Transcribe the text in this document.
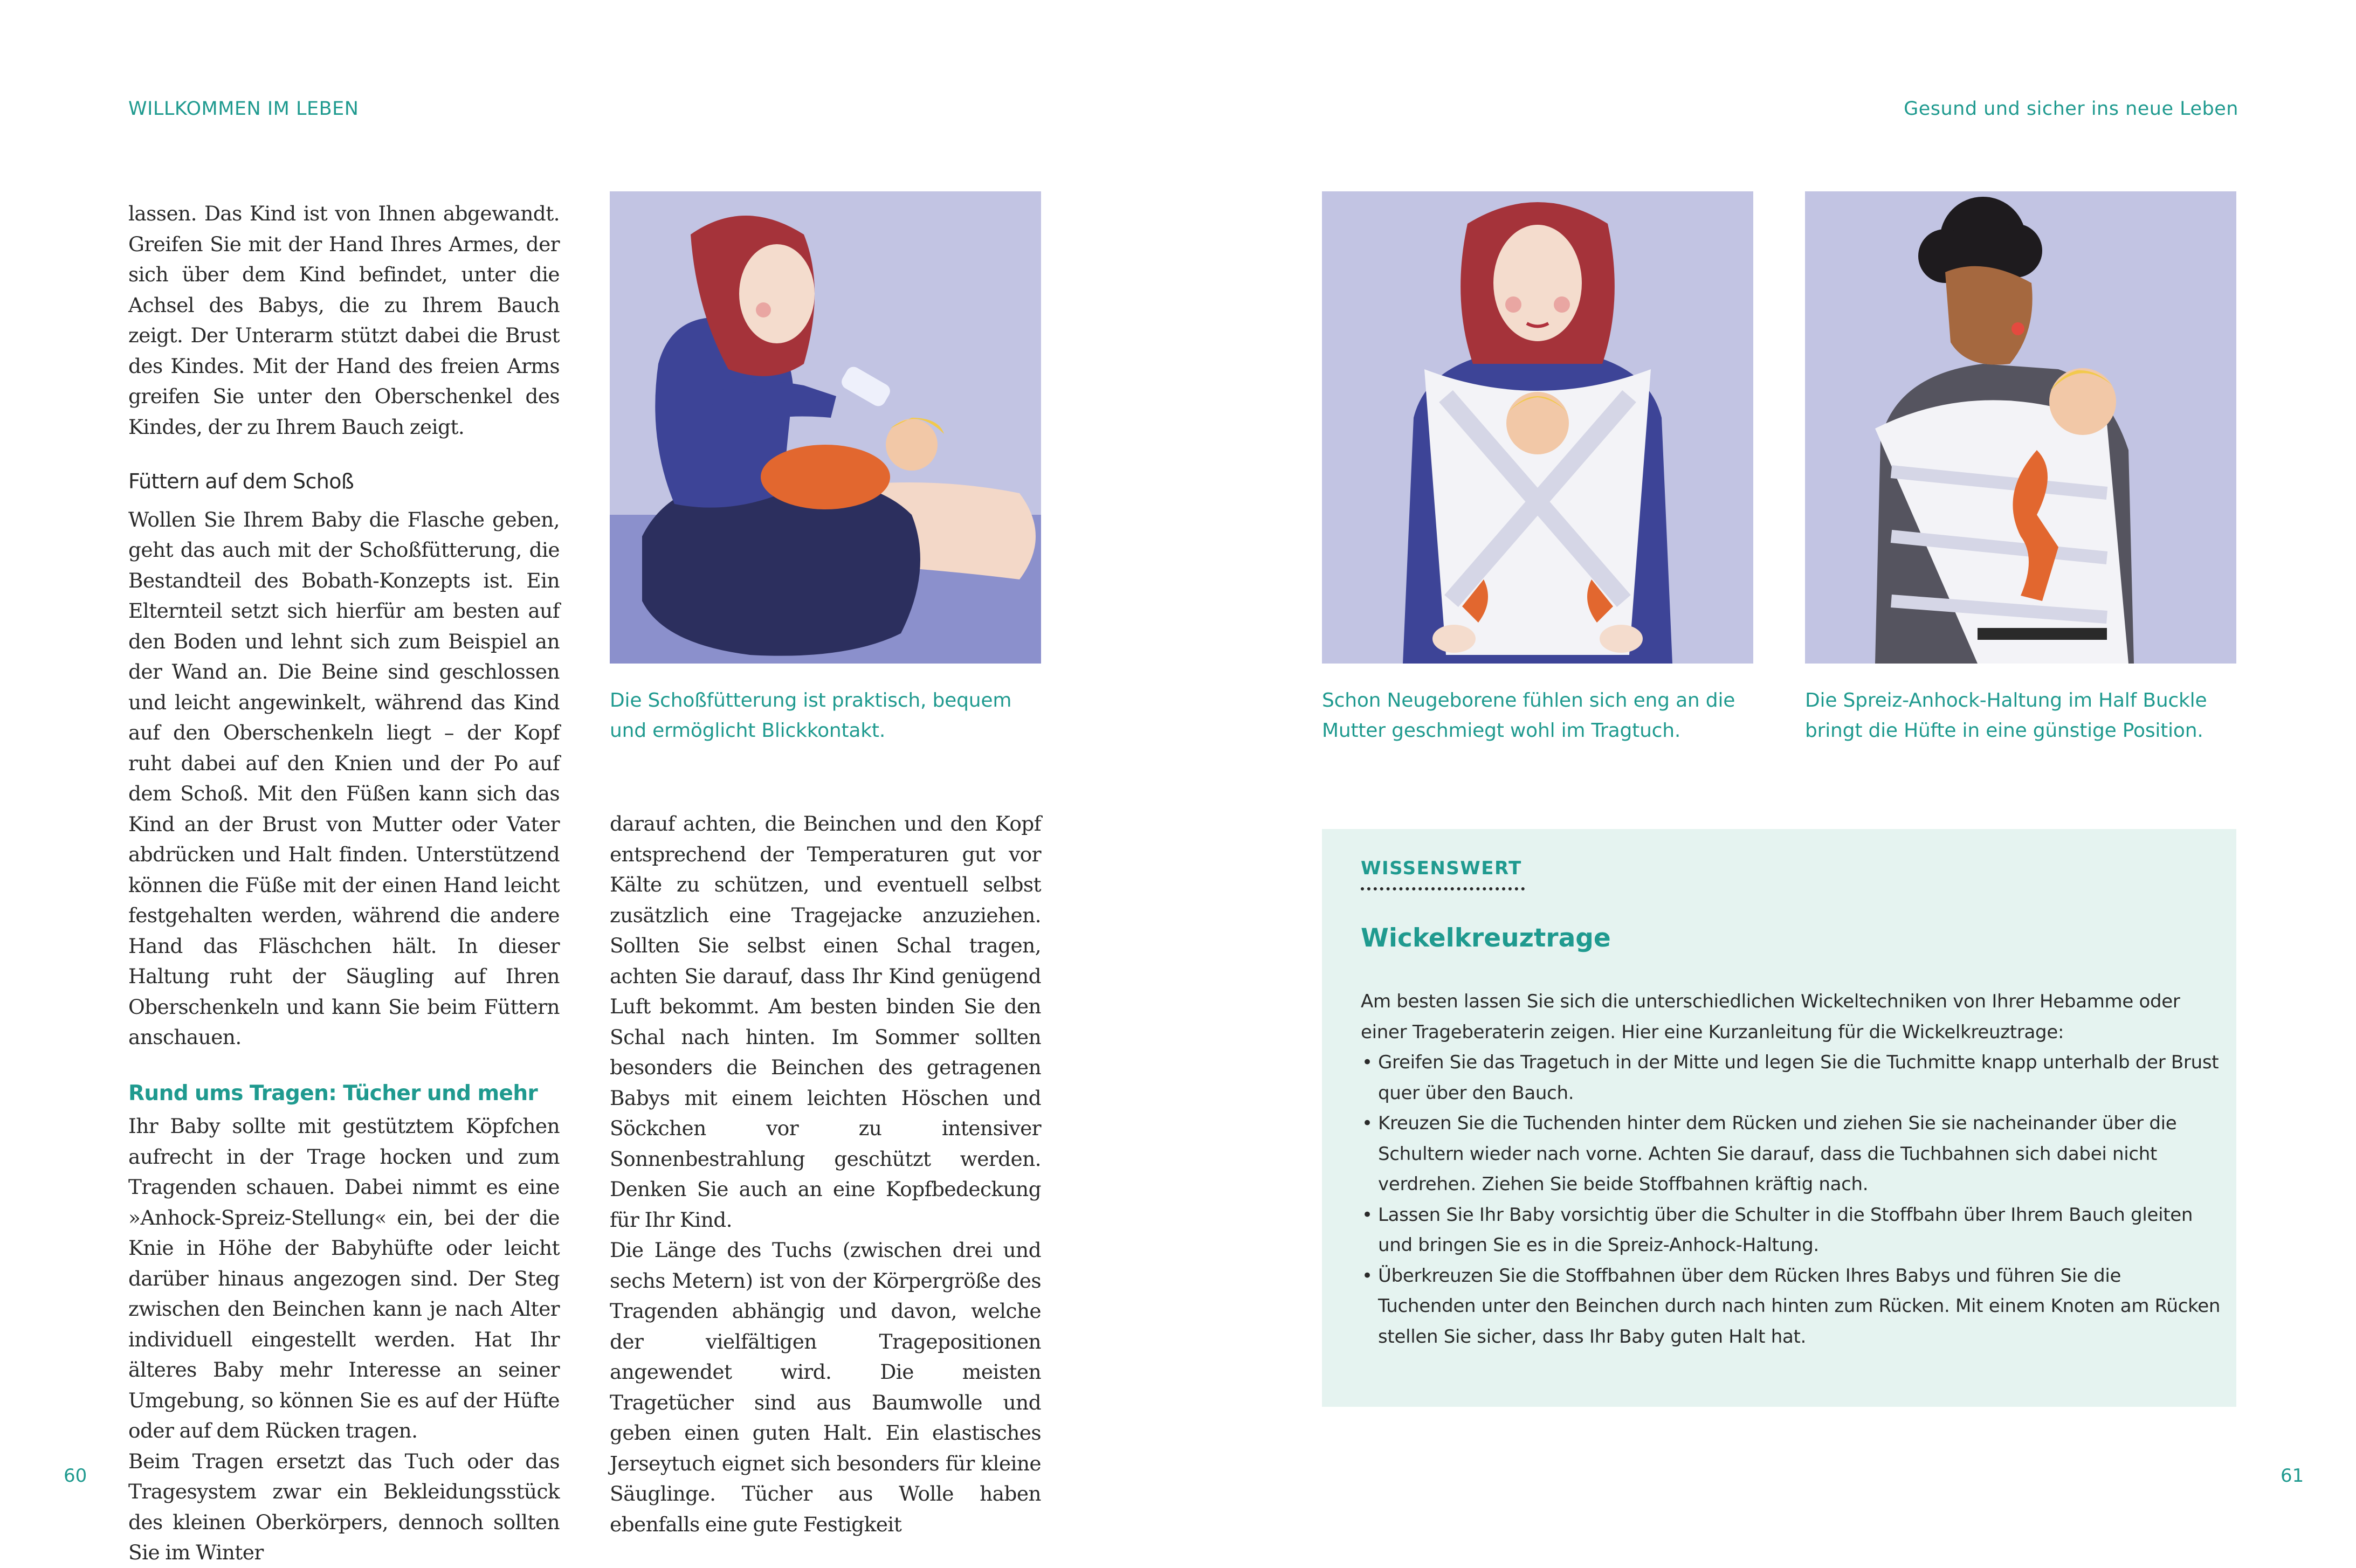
WILLKOMMEN IM LEBEN

lassen. Das Kind ist von Ihnen abgewandt. Greifen Sie mit der Hand Ihres Armes, der sich über dem Kind befindet, unter die Achsel des Babys, die zu Ihrem Bauch zeigt. Der Unterarm stützt dabei die Brust des Kindes. Mit der Hand des freien Arms greifen Sie unter den Oberschenkel des Kindes, der zu Ihrem Bauch zeigt.

Füttern auf dem Schoß

Wollen Sie Ihrem Baby die Flasche geben, geht das auch mit der Schoßfütterung, die Bestandteil des Bobath-Konzepts ist. Ein Elternteil setzt sich hierfür am besten auf den Boden und lehnt sich zum Beispiel an der Wand an. Die Beine sind geschlossen und leicht angewinkelt, während das Kind auf den Oberschenkeln liegt – der Kopf ruht dabei auf den Knien und der Po auf dem Schoß. Mit den Füßen kann sich das Kind an der Brust von Mutter oder Vater abdrücken und Halt finden. Unterstützend können die Füße mit der einen Hand leicht festgehalten werden, während die andere Hand das Fläschchen hält. In dieser Haltung ruht der Säugling auf Ihren Oberschenkeln und kann Sie beim Füttern anschauen.

Rund ums Tragen: Tücher und mehr

Ihr Baby sollte mit gestütztem Köpfchen aufrecht in der Trage hocken und zum Tragenden schauen. Dabei nimmt es eine »Anhock-Spreiz-Stellung« ein, bei der die Knie in Höhe der Babyhüfte oder leicht darüber hinaus angezogen sind. Der Steg zwischen den Beinchen kann je nach Alter individuell eingestellt werden. Hat Ihr älteres Baby mehr Interesse an seiner Umgebung, so können Sie es auf der Hüfte oder auf dem Rücken tragen.

Beim Tragen ersetzt das Tuch oder das Tragesystem zwar ein Bekleidungsstück des kleinen Oberkörpers, dennoch sollten Sie im Winter

Die Schoßfütterung ist praktisch, bequem und ermöglicht Blickkontakt.

darauf achten, die Beinchen und den Kopf entsprechend der Temperaturen gut vor Kälte zu schützen, und eventuell selbst zusätzlich eine Tragejacke anzuziehen. Sollten Sie selbst einen Schal tragen, achten Sie darauf, dass Ihr Kind genügend Luft bekommt. Am besten binden Sie den Schal nach hinten. Im Sommer sollten besonders die Beinchen des getragenen Babys mit einem leichten Höschen und Söckchen vor zu intensiver Sonnenbestrahlung geschützt werden. Denken Sie auch an eine Kopfbedeckung für Ihr Kind.

Die Länge des Tuchs (zwischen drei und sechs Metern) ist von der Körpergröße des Tragenden abhängig und davon, welche der vielfältigen Tragepositionen angewendet wird. Die meisten Tragetücher sind aus Baumwolle und geben einen guten Halt. Ein elastisches Jerseytuch eignet sich besonders für kleine Säuglinge. Tücher aus Wolle haben ebenfalls eine gute Festigkeit

60
Gesund und sicher ins neue Leben
Schon Neugeborene fühlen sich eng an die Mutter geschmiegt wohl im Tragtuch.
Die Spreiz-Anhock-Haltung im Half Buckle bringt die Hüfte in eine günstige Position.
WISSENSWERT
Wickelkreuztrage

Am besten lassen Sie sich die unterschiedlichen Wickeltechniken von Ihrer Hebamme oder einer Trageberaterin zeigen. Hier eine Kurzanleitung für die Wickelkreuztrage:

• Greifen Sie das Tragetuch in der Mitte und legen Sie die Tuchmitte knapp unterhalb der Brust quer über den Bauch.
• Kreuzen Sie die Tuchenden hinter dem Rücken und ziehen Sie sie nacheinander über die Schultern wieder nach vorne. Achten Sie darauf, dass die Tuchbahnen sich dabei nicht verdrehen. Ziehen Sie beide Stoffbahnen kräftig nach.
• Lassen Sie Ihr Baby vorsichtig über die Schulter in die Stoffbahn über Ihrem Bauch gleiten und bringen Sie es in die Spreiz-Anhock-Haltung.
• Überkreuzen Sie die Stoffbahnen über dem Rücken Ihres Babys und führen Sie die Tuchenden unter den Beinchen durch nach hinten zum Rücken. Mit einem Knoten am Rücken stellen Sie sicher, dass Ihr Baby guten Halt hat.
61
